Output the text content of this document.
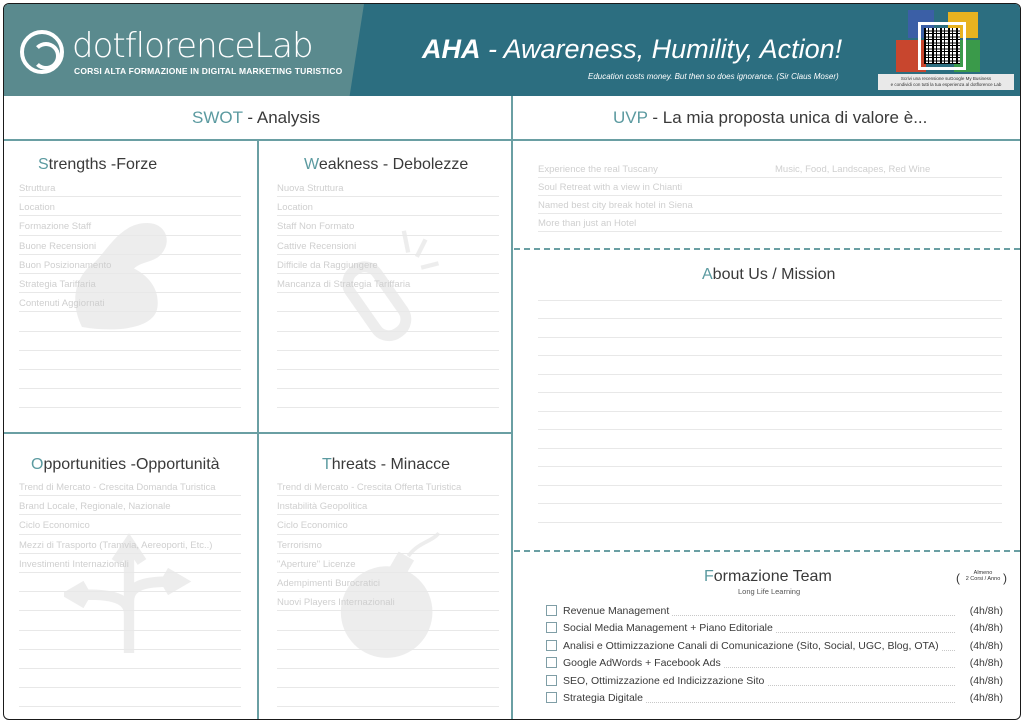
dotflorenceLab
CORSI ALTA FORMAZIONE IN DIGITAL MARKETING TURISTICO
AHA - Awareness, Humility, Action!
Education costs money. But then so does ignorance. (Sir Claus Moser)	Scrivi una recensione suGoogle My Business
e condividi con tutti la tua esperienza al dotflorence Lab
SWOT - Analysis	UVP - La mia proposta unica di valore è...
Strengths -Forze
Struttura
Location
Formazione Staff
Buone Recensioni
Buon Posizionamento
Strategia Tariffaria
Contenuti Aggiornati
Weakness - Debolezze
Nuova Struttura
Location
Staff Non Formato
Cattive Recensioni
Difficile da Raggiungere
Mancanza di Strategia Tariffaria
Opportunities -Opportunità
Trend di Mercato - Crescita Domanda Turistica
Brand Locale, Regionale, Nazionale
Ciclo Economico
Mezzi di Trasporto (Tramvia, Aereoporti, Etc..)
Investimenti Internazionali
Threats - Minacce
Trend di Mercato - Crescita Offerta Turistica
Instabilità Geopolitica
Ciclo Economico
Terrorismo
"Aperture" Licenze
Adempimenti Burocratici
Nuovi Players Internazionali
Experience the real Tuscany	Music, Food, Landscapes, Red Wine
Soul Retreat with a view in Chianti
Named best city break hotel in Siena
More than just an Hotel
About Us / Mission
Formazione Team
Long Life Learning
(	Almeno
2 Corsi / Anno )
Revenue Management	(4h/8h)
Social Media Management + Piano Editoriale	(4h/8h)
Analisi e Ottimizzazione Canali di Comunicazione (Sito, Social, UGC, Blog, OTA)	(4h/8h)
Google AdWords + Facebook Ads	(4h/8h)
SEO, Ottimizzazione ed Indicizzazione Sito	(4h/8h)
Strategia Digitale	(4h/8h)
